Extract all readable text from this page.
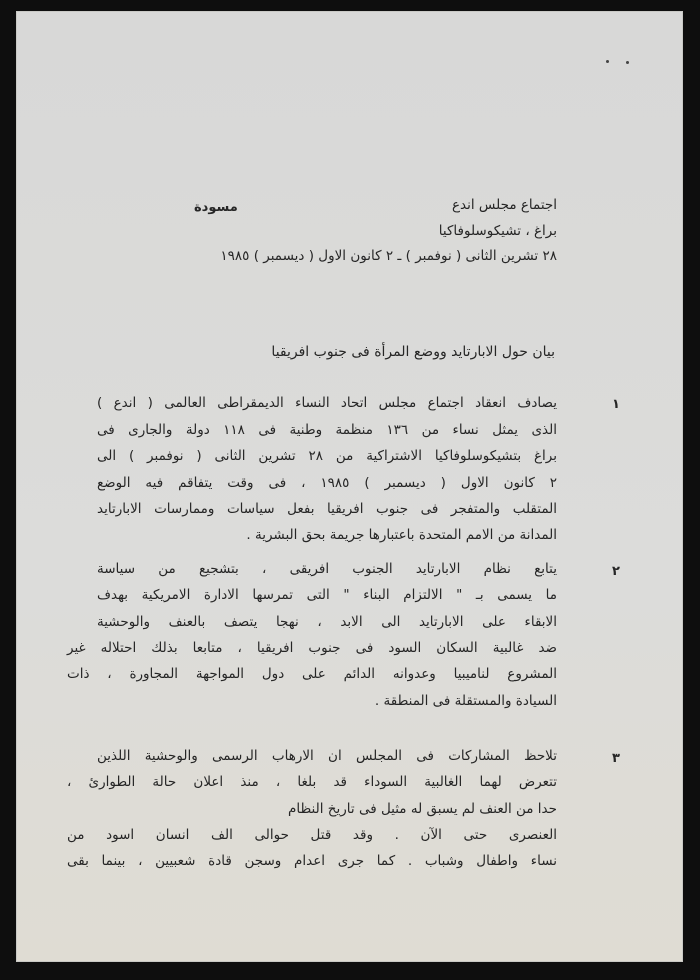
مسودة	اجتماع مجلس اندع
براغ ، تشيكوسلوفاكيا
٢٨ تشرين الثانى ( نوفمبر ) ـ ٢ كانون الاول ( ديسمبر ) ١٩٨٥
بيان حول الابارتايد ووضع المرأة فى جنوب افريقيا
١
يصادف انعقاد اجتماع مجلس اتحاد النساء الديمقراطى العالمى ( اندع )
الذى يمثل نساء من ١٣٦ منظمة وطنية فى ١١٨ دولة والجارى فى
براغ بتشيكوسلوفاكيا الاشتراكية من ٢٨ تشرين الثانى ( نوفمبر ) الى
٢ كانون الاول ( ديسمبر ) ١٩٨٥ ، فى وقت يتفاقم فيه الوضع
المتقلب والمتفجر فى جنوب افريقيا بفعل سياسات وممارسات الابارتايد
المدانة من الامم المتحدة باعتبارها جريمة بحق البشرية .
٢
يتابع نظام الابارتايد الجنوب افريقى ، بتشجيع من سياسة
ما يسمى بـ " الالتزام البناء " التى تمرسها الادارة الامريكية بهدف
الابقاء على الابارتايد الى الابد ، نهجا يتصف بالعنف والوحشية
ضد غالبية السكان السود فى جنوب افريقيا ، متابعا بذلك احتلاله غير
المشروع لناميبيا وعدوانه الدائم على دول المواجهة المجاورة ، ذات
السيادة والمستقلة فى المنطقة .
٣
تلاحظ المشاركات فى المجلس ان الارهاب الرسمى والوحشية اللذين
تتعرض لهما الغالبية السوداء قد بلغا ، منذ اعلان حالة الطوارئ ،
حدا من العنف لم يسبق له مثيل فى تاريخ النظام
العنصرى حتى الآن . وقد قتل حوالى الف انسان اسود من
نساء واطفال وشباب . كما جرى اعدام وسجن قادة شعبيين ، بينما بقى
